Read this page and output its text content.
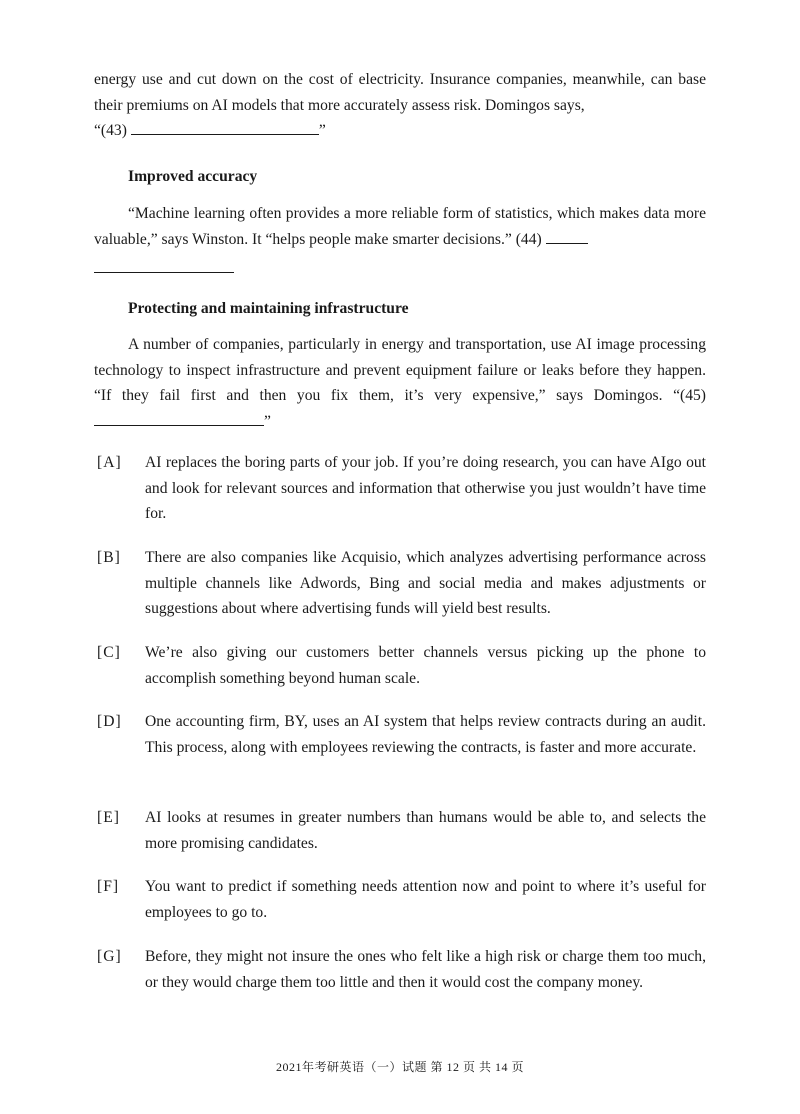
energy use and cut down on the cost of electricity. Insurance companies, meanwhile, can base their premiums on AI models that more accurately assess risk. Domingos says,
“(43)	”
Improved accuracy
“Machine learning often provides a more reliable form of statistics, which makes data more valuable,” says Winston. It “helps people make smarter decisions.” (44)
Protecting and maintaining infrastructure
A number of companies, particularly in energy and transportation, use AI image processing technology to inspect infrastructure and prevent equipment failure or leaks before they happen. “If they fail first and then you fix them, it’s very expensive,” says Domingos. “(45) ”
[A]	AI replaces the boring parts of your job. If you’re doing research, you can have AIgo out and look for relevant sources and information that otherwise you just wouldn’t have time for.
[B]	There are also companies like Acquisio, which analyzes advertising performance across multiple channels like Adwords, Bing and social media and makes adjustments or suggestions about where advertising funds will yield best results.
[C]	We’re also giving our customers better channels versus picking up the phone to accomplish something beyond human scale.
[D]	One accounting firm, BY, uses an AI system that helps review contracts during an audit. This process, along with employees reviewing the contracts, is faster and more accurate.
[E]	AI looks at resumes in greater numbers than humans would be able to, and selects the more promising candidates.
[F]	You want to predict if something needs attention now and point to where it’s useful for employees to go to.
[G]	Before, they might not insure the ones who felt like a high risk or charge them too much, or they would charge them too little and then it would cost the company money.
2021年考研英语（一）试题 第 12 页 共 14 页
